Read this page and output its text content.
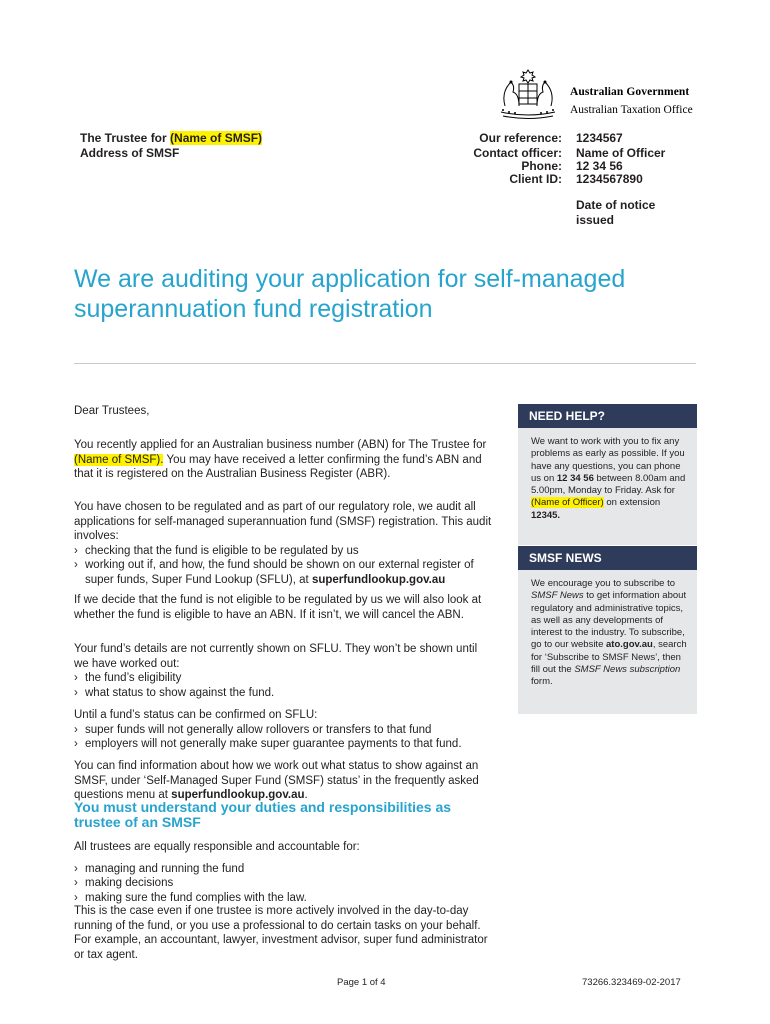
Australian Government
Australian Taxation Office
The Trustee for (Name of SMSF)
Address of SMSF
Our reference: 1234567
Contact officer: Name of Officer
Phone: 12 34 56
Client ID: 1234567890
Date of notice issued
We are auditing your application for self-managed superannuation fund registration
Dear Trustees,
You recently applied for an Australian business number (ABN) for The Trustee for (Name of SMSF). You may have received a letter confirming the fund’s ABN and that it is registered on the Australian Business Register (ABR).
You have chosen to be regulated and as part of our regulatory role, we audit all applications for self-managed superannuation fund (SMSF) registration. This audit involves:
› checking that the fund is eligible to be regulated by us
› working out if, and how, the fund should be shown on our external register of super funds, Super Fund Lookup (SFLU), at superfundlookup.gov.au
If we decide that the fund is not eligible to be regulated by us we will also look at whether the fund is eligible to have an ABN. If it isn’t, we will cancel the ABN.
Your fund’s details are not currently shown on SFLU. They won’t be shown until we have worked out:
› the fund’s eligibility
› what status to show against the fund.
Until a fund’s status can be confirmed on SFLU:
› super funds will not generally allow rollovers or transfers to that fund
› employers will not generally make super guarantee payments to that fund.
You can find information about how we work out what status to show against an SMSF, under ‘Self-Managed Super Fund (SMSF) status’ in the frequently asked questions menu at superfundlookup.gov.au.
You must understand your duties and responsibilities as trustee of an SMSF
All trustees are equally responsible and accountable for:
› managing and running the fund
› making decisions
› making sure the fund complies with the law.
This is the case even if one trustee is more actively involved in the day-to-day running of the fund, or you use a professional to do certain tasks on your behalf. For example, an accountant, lawyer, investment advisor, super fund administrator or tax agent.
NEED HELP?
We want to work with you to fix any problems as early as possible. If you have any questions, you can phone us on 12 34 56 between 8.00am and 5.00pm, Monday to Friday. Ask for (Name of Officer) on extension 12345.
SMSF NEWS
We encourage you to subscribe to SMSF News to get information about regulatory and administrative topics, as well as any developments of interest to the industry. To subscribe, go to our website ato.gov.au, search for ‘Subscribe to SMSF News’, then fill out the SMSF News subscription form.
Page 1 of 4	73266.323469-02-2017
